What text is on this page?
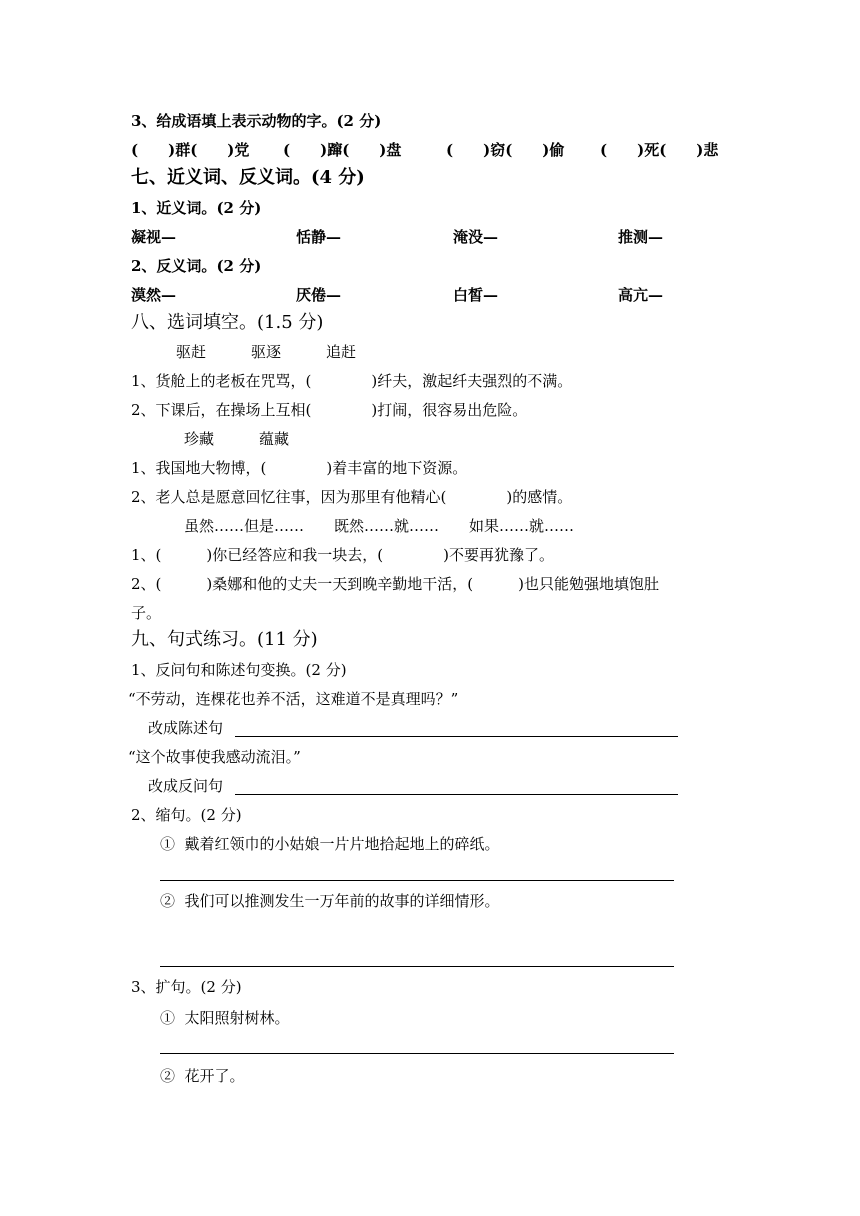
3、给成语填上表示动物的字。(2 分)
(　　)群(　　)党 (　　)蹿(　　)盘	(　　)窃(　　)偷 (　　)死(　　)悲
七、近义词、反义词。(4 分)
1、近义词。(2 分)
凝视—	恬静—	淹没—	推测—
2、反义词。(2 分)
漠然—	厌倦—	白皙—	高亢—
八、选词填空。(1.5 分)
驱赶　　　驱逐　　　追赶
1、货舱上的老板在咒骂，(　　　　)纤夫，激起纤夫强烈的不满。
2、下课后，在操场上互相(　　　　)打闹，很容易出危险。
珍藏　　　蕴藏
1、我国地大物博，(　　　　)着丰富的地下资源。
2、老人总是愿意回忆往事，因为那里有他精心(　　　　)的感情。
虽然……但是……　　既然……就……　　如果……就……
1、(　　　)你已经答应和我一块去，(　　　　)不要再犹豫了。
2、(　　　)桑娜和他的丈夫一天到晚辛勤地干活，(　　　)也只能勉强地填饱肚
子。
九、句式练习。(11 分)
1、反问句和陈述句变换。(2 分)
“不劳动，连棵花也养不活，这难道不是真理吗？”
改成陈述句
“这个故事使我感动流泪。”
改成反问句
2、缩句。(2 分)
①  戴着红领巾的小姑娘一片片地拾起地上的碎纸。
②  我们可以推测发生一万年前的故事的详细情形。
3、扩句。(2 分)
①  太阳照射树林。
②  花开了。
